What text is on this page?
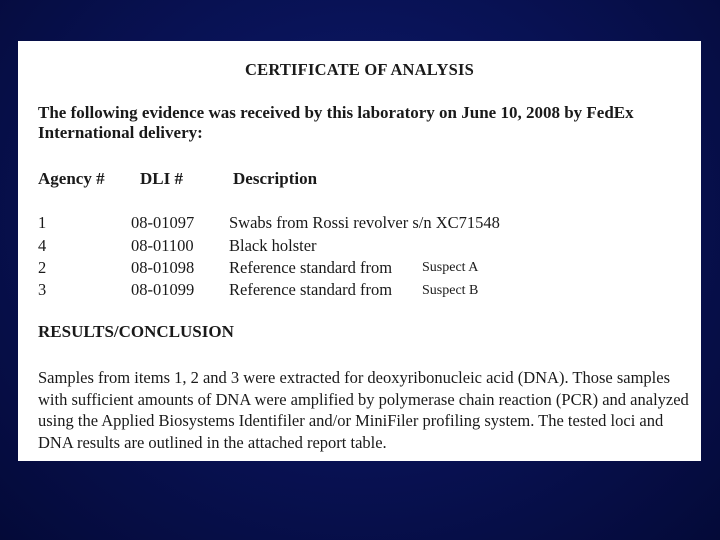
CERTIFICATE OF ANALYSIS
The following evidence was received by this laboratory on June 10, 2008 by FedEx International delivery:
Agency # DLI #	Description
1	08-01097 Swabs from Rossi revolver s/n XC71548
4	08-01100 Black holster
2	08-01098 Reference standard from Suspect A
3	08-01099 Reference standard from Suspect B
RESULTS/CONCLUSION
Samples from items 1, 2 and 3 were extracted for deoxyribonucleic acid (DNA). Those samples with sufficient amounts of DNA were amplified by polymerase chain reaction (PCR) and analyzed using the Applied Biosystems Identifiler and/or MiniFiler profiling system. The tested loci and DNA results are outlined in the attached report table.
